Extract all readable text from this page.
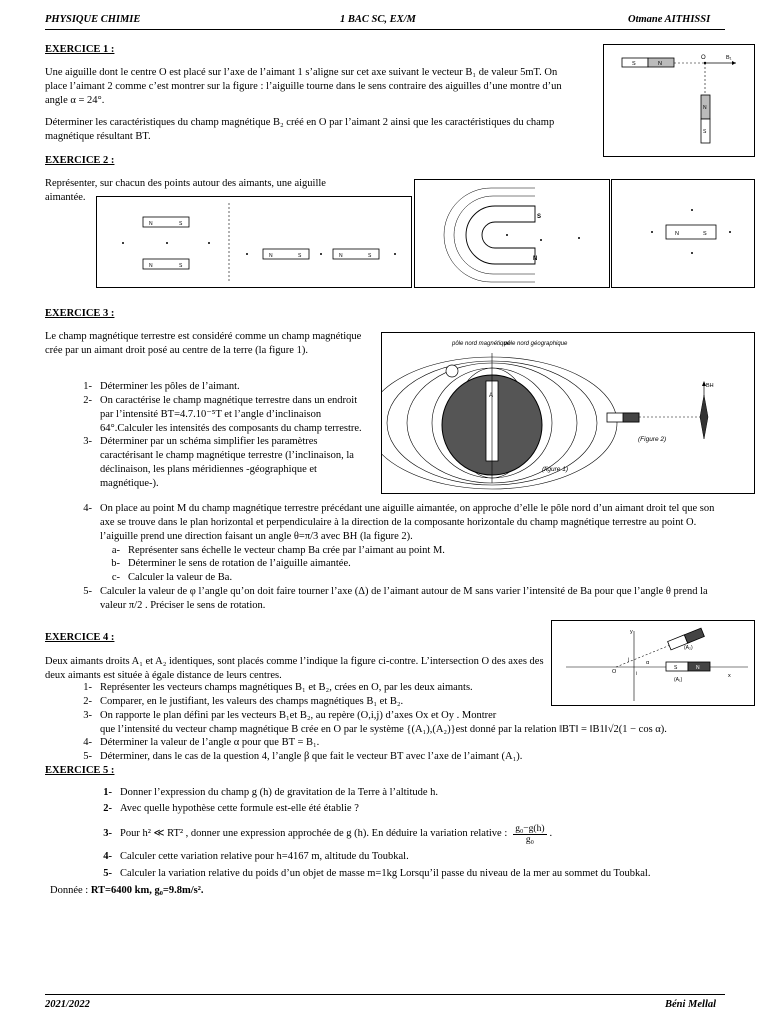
PHYSIQUE CHIMIE	1 BAC SC, EX/M	Otmane AITHISSI
EXERCICE 1 :

Une aiguille dont le centre O est placé sur l’axe de l’aimant 1 s’aligne sur cet axe suivant le vecteur B₁ de valeur 5mT. On place l’aimant 2 comme c’est montrer sur la figure : l’aiguille tourne dans le sens contraire des aiguilles d’une montre d’un angle α = 24°.

Déterminer les caractéristiques du champ magnétique B₂ créé en O par l’aimant 2 ainsi que les caractéristiques du champ magnétique résultant BT.

S	N
O	B₁
N
S
EXERCICE 2 :

Représenter, sur chacun des points autour des aimants, une aiguille aimantée.

N	S
N	S
N	S	N	S
S
N
N	S
EXERCICE 3 :

Le champ magnétique terrestre est considéré comme un champ magnétique crée par un aimant droit posé au centre de la terre (la figure 1).

A
pôle nord magnétique
pôle nord géographique
(figure 1)
BH
(Figure 2)
1- Déterminer les pôles de l’aimant.
2- On caractérise le champ magnétique terrestre dans un endroit par l’intensité BT=4.7.10⁻⁵T et l’angle d’inclinaison 64°.Calculer les intensités des composants du champ terrestre.
3- Déterminer par un schéma simplifier les paramètres caractérisant le champ magnétique terrestre (l’inclinaison, la déclinaison, les plans méridiennes -géographique et magnétique-).
4- On place au point M du champ magnétique terrestre précédant une aiguille aimantée, on approche d’elle le pôle nord d’un aimant droit tel que son axe se trouve dans le plan horizontal et perpendiculaire à la direction de la composante horizontale du champ magnétique terrestre au point O. l’aiguille prend une direction faisant un angle θ=π/3 avec BH (la figure 2).
a- Représenter sans échelle le vecteur champ Ba crée par l’aimant au point M.
b- Déterminer le sens de rotation de l’aiguille aimantée.
c- Calculer la valeur de Ba.
5- Calculer la valeur de φ l’angle qu’on doit faire tourner l’axe (Δ) de l’aimant autour de M sans varier l’intensité de Ba pour que l’angle θ prend la valeur π/2 . Préciser le sens de rotation.
EXERCICE 4 :

Deux aimants droits A₁ et A₂ identiques, sont placés comme l’indique la figure ci-contre. L’intersection O des axes des deux aimants est située à égale distance de leurs centres.

y
x
O	i
j
(A₂)
S	N
(A₁)
α
1- Représenter les vecteurs champs magnétiques B₁ et B₂, crées en O, par les deux aimants.
2- Comparer, en le justifiant, les valeurs des champs magnétiques B₁ et B₂.
3- On rapporte le plan défini par les vecteurs B₁et B₂, au repère (O,i,j) d’axes Ox et Oy . Montrer
que l’intensité du vecteur champ magnétique B crée en O par le système {(A₁),(A₂)}est donné par la relation ‖BT‖ = ‖B1‖√2(1 − cos α).
4- Déterminer la valeur de l’angle α pour que BT = B₁.
5- Déterminer, dans le cas de la question 4, l’angle β que fait le vecteur BT avec l’axe de l’aimant (A₁).
EXERCICE 5 :
1- Donner l’expression du champ g (h) de gravitation de la Terre à l’altitude h.
2- Avec quelle hypothèse cette formule est-elle été établie ?
3- Pour h² ≪ RT² , donner une expression approchée de g (h). En déduire la variation relative : $\frac{\text{g₀−g(h)}}{\text{g₀}}$ .
4- Calculer cette variation relative pour h=4167 m, altitude du Toubkal.
5- Calculer la variation relative du poids d’un objet de masse m=1kg Lorsqu’il passe du niveau de la mer au sommet du Toubkal.
Donnée : RT=6400 km, g₀=9.8m/s².
2021/2022	Béni Mellal
